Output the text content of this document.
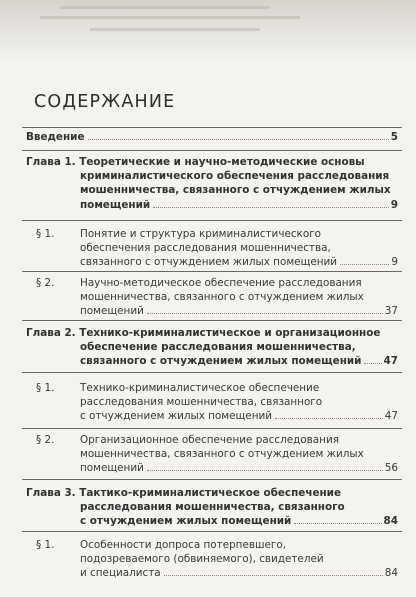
СОДЕРЖАНИЕ
Введение	5
Глава 1. Теоретические и научно-методические основы
криминалистического обеспечения расследования
мошенничества, связанного с отчуждением жилых
помещений	9
§ 1. Понятие и структура криминалистического
обеспечения расследования мошенничества,
связанного с отчуждением жилых помещений	9
§ 2. Научно-методическое обеспечение расследования
мошенничества, связанного с отчуждением жилых
помещений	37
Глава 2. Технико-криминалистическое и организационное
обеспечение расследования мошенничества,
связанного с отчуждением жилых помещений 47
§ 1. Технико-криминалистическое обеспечение
расследования мошенничества, связанного
с отчуждением жилых помещений	47
§ 2. Организационное обеспечение расследования
мошенничества, связанного с отчуждением жилых
помещений	56
Глава 3. Тактико-криминалистическое обеспечение
расследования мошенничества, связанного
с отчуждением жилых помещений	84
§ 1. Особенности допроса потерпевшего,
подозреваемого (обвиняемого), свидетелей
и специалиста	84
